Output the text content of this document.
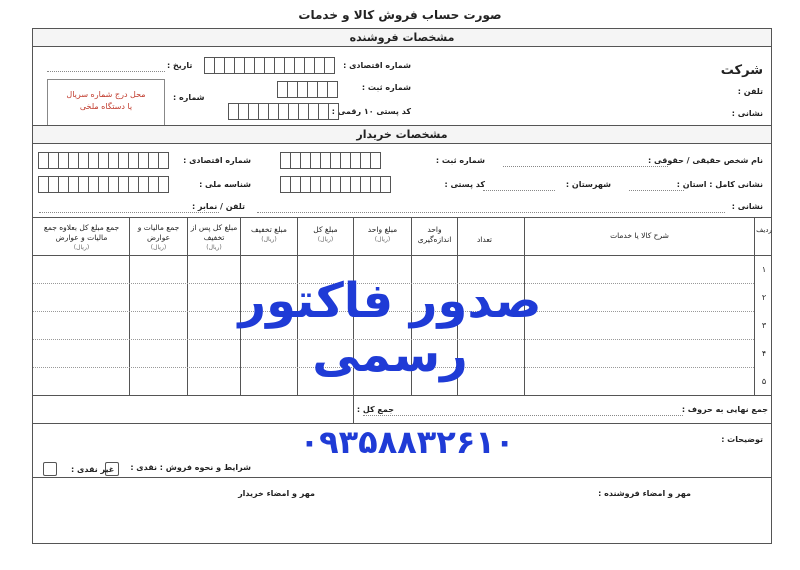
صورت حساب فروش کالا و خدمات
مشخصات فروشنده
شرکت
تلفن :
نشانی :
شماره اقتصادی :
شماره ثبت :
کد پستی ۱۰ رقمی :
تاریخ :
شماره :
محل درج شماره سریال
یا دستگاه ملخی
مشخصات خریدار
نام شخص حقیقی / حقوقی :
شماره ثبت :
شماره اقتصادی :
نشانی کامل : استان :
شهرستان :
کد پستی :
شناسه ملی :
نشانی :
تلفن / نمابر :
ردیف
شرح کالا یا خدمات
تعداد
واحد اندازه‌گیری
مبلغ واحد
(ریال)
مبلغ کل
(ریال)
مبلغ تخفیف
(ریال)
مبلغ کل پس از تخفیف
(ریال)
جمع مالیات و عوارض
(ریال)
جمع مبلغ کل بعلاوه جمع مالیات و عوارض
(ریال)
۱
۲
۳
۴
۵
جمع نهایی به حروف :
جمع کل :
توضیحات :
شرایط و نحوه فروش : نقدی :
غیر نقدی :
مهر و امضاء فروشنده :
مهر و امضاء خریدار
صدور فاکتور
رسمی
۰۹۳۵۸۸۳۲۶۱۰
